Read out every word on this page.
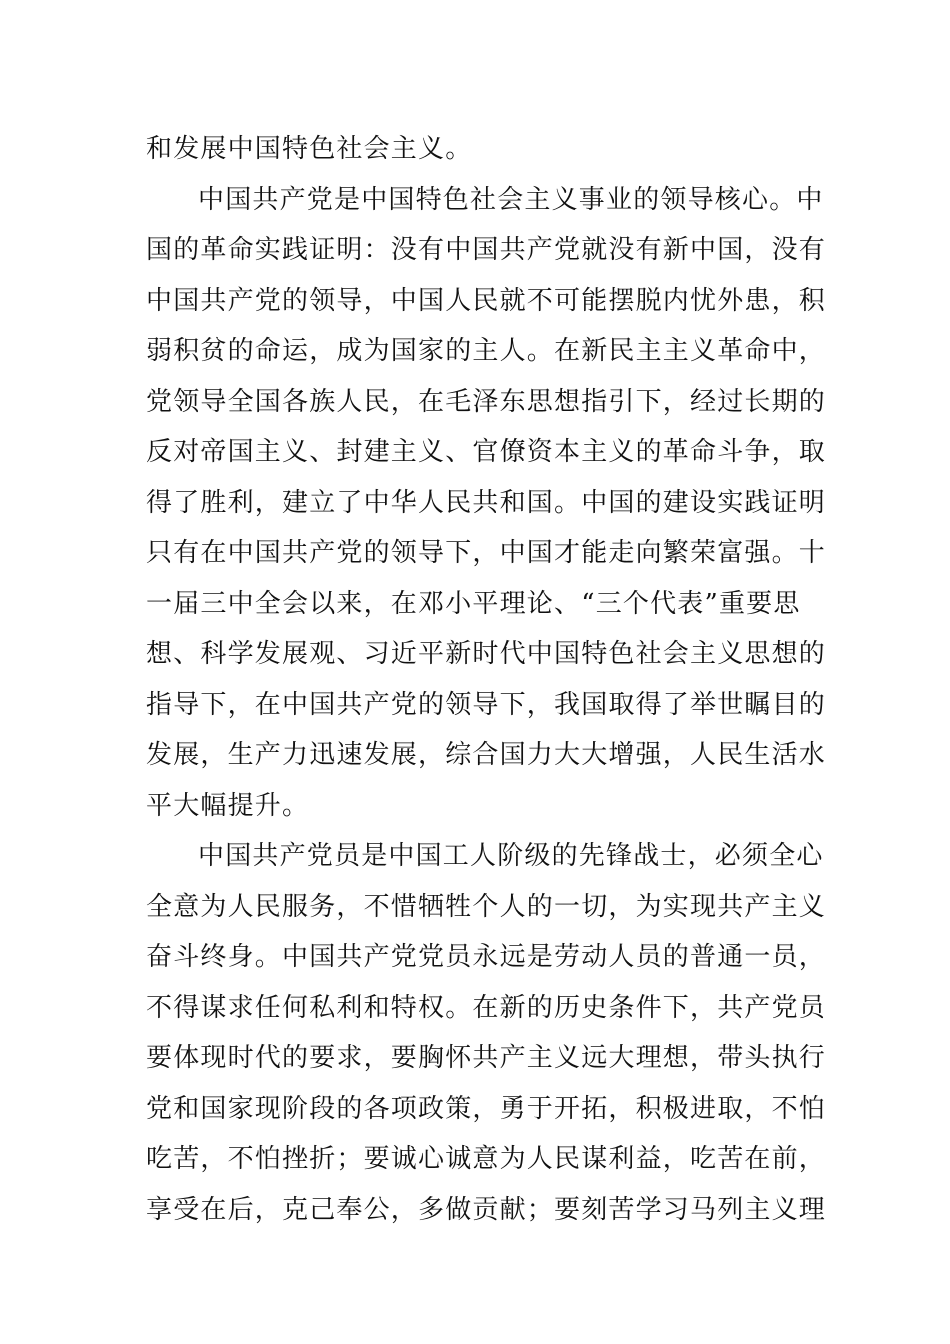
和发展中国特色社会主义。
中国共产党是中国特色社会主义事业的领导核心。中
国的革命实践证明：没有中国共产党就没有新中国，没有
中国共产党的领导，中国人民就不可能摆脱内忧外患，积
弱积贫的命运，成为国家的主人。在新民主主义革命中，
党领导全国各族人民，在毛泽东思想指引下，经过长期的
反对帝国主义、封建主义、官僚资本主义的革命斗争，取
得了胜利，建立了中华人民共和国。中国的建设实践证明
只有在中国共产党的领导下，中国才能走向繁荣富强。十
一届三中全会以来，在邓小平理论、“三个代表”重要思
想、科学发展观、习近平新时代中国特色社会主义思想的
指导下，在中国共产党的领导下，我国取得了举世瞩目的
发展，生产力迅速发展，综合国力大大增强，人民生活水
平大幅提升。
中国共产党员是中国工人阶级的先锋战士，必须全心
全意为人民服务，不惜牺牲个人的一切，为实现共产主义
奋斗终身。中国共产党党员永远是劳动人员的普通一员，
不得谋求任何私利和特权。在新的历史条件下，共产党员
要体现时代的要求，要胸怀共产主义远大理想，带头执行
党和国家现阶段的各项政策，勇于开拓，积极进取，不怕
吃苦，不怕挫折；要诚心诚意为人民谋利益，吃苦在前，
享受在后，克己奉公，多做贡献；要刻苦学习马列主义理
